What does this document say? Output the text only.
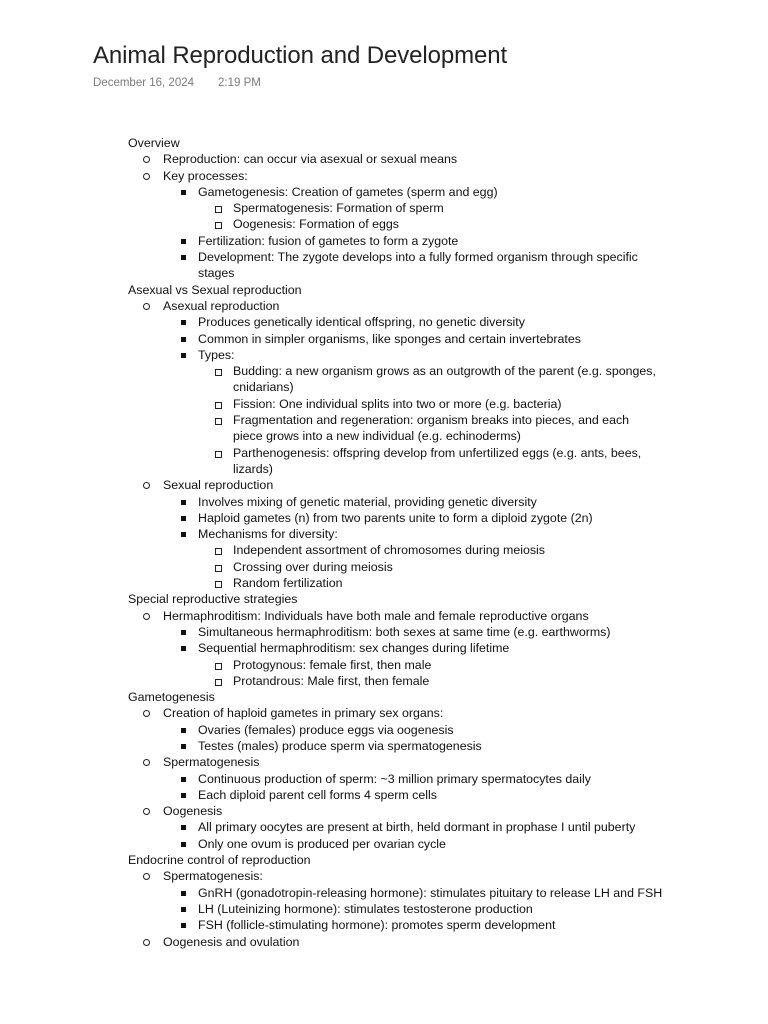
Animal Reproduction and Development
December 16, 2024 2:19 PM
Overview
Reproduction: can occur via asexual or sexual means
Key processes:
Gametogenesis: Creation of gametes (sperm and egg)
Spermatogenesis: Formation of sperm
Oogenesis: Formation of eggs
Fertilization: fusion of gametes to form a zygote
Development: The zygote develops into a fully formed organism through specific stages
Asexual vs Sexual reproduction
Asexual reproduction
Produces genetically identical offspring, no genetic diversity
Common in simpler organisms, like sponges and certain invertebrates
Types:
Budding: a new organism grows as an outgrowth of the parent (e.g. sponges, cnidarians)
Fission: One individual splits into two or more (e.g. bacteria)
Fragmentation and regeneration: organism breaks into pieces, and each piece grows into a new individual (e.g. echinoderms)
Parthenogenesis: offspring develop from unfertilized eggs (e.g. ants, bees, lizards)
Sexual reproduction
Involves mixing of genetic material, providing genetic diversity
Haploid gametes (n) from two parents unite to form a diploid zygote (2n)
Mechanisms for diversity:
Independent assortment of chromosomes during meiosis
Crossing over during meiosis
Random fertilization
Special reproductive strategies
Hermaphroditism: Individuals have both male and female reproductive organs
Simultaneous hermaphroditism: both sexes at same time (e.g. earthworms)
Sequential hermaphroditism: sex changes during lifetime
Protogynous: female first, then male
Protandrous: Male first, then female
Gametogenesis
Creation of haploid gametes in primary sex organs:
Ovaries (females) produce eggs via oogenesis
Testes (males) produce sperm via spermatogenesis
Spermatogenesis
Continuous production of sperm: ~3 million primary spermatocytes daily
Each diploid parent cell forms 4 sperm cells
Oogenesis
All primary oocytes are present at birth, held dormant in prophase I until puberty
Only one ovum is produced per ovarian cycle
Endocrine control of reproduction
Spermatogenesis:
GnRH (gonadotropin-releasing hormone): stimulates pituitary to release LH and FSH
LH (Luteinizing hormone): stimulates testosterone production
FSH (follicle-stimulating hormone): promotes sperm development
Oogenesis and ovulation
